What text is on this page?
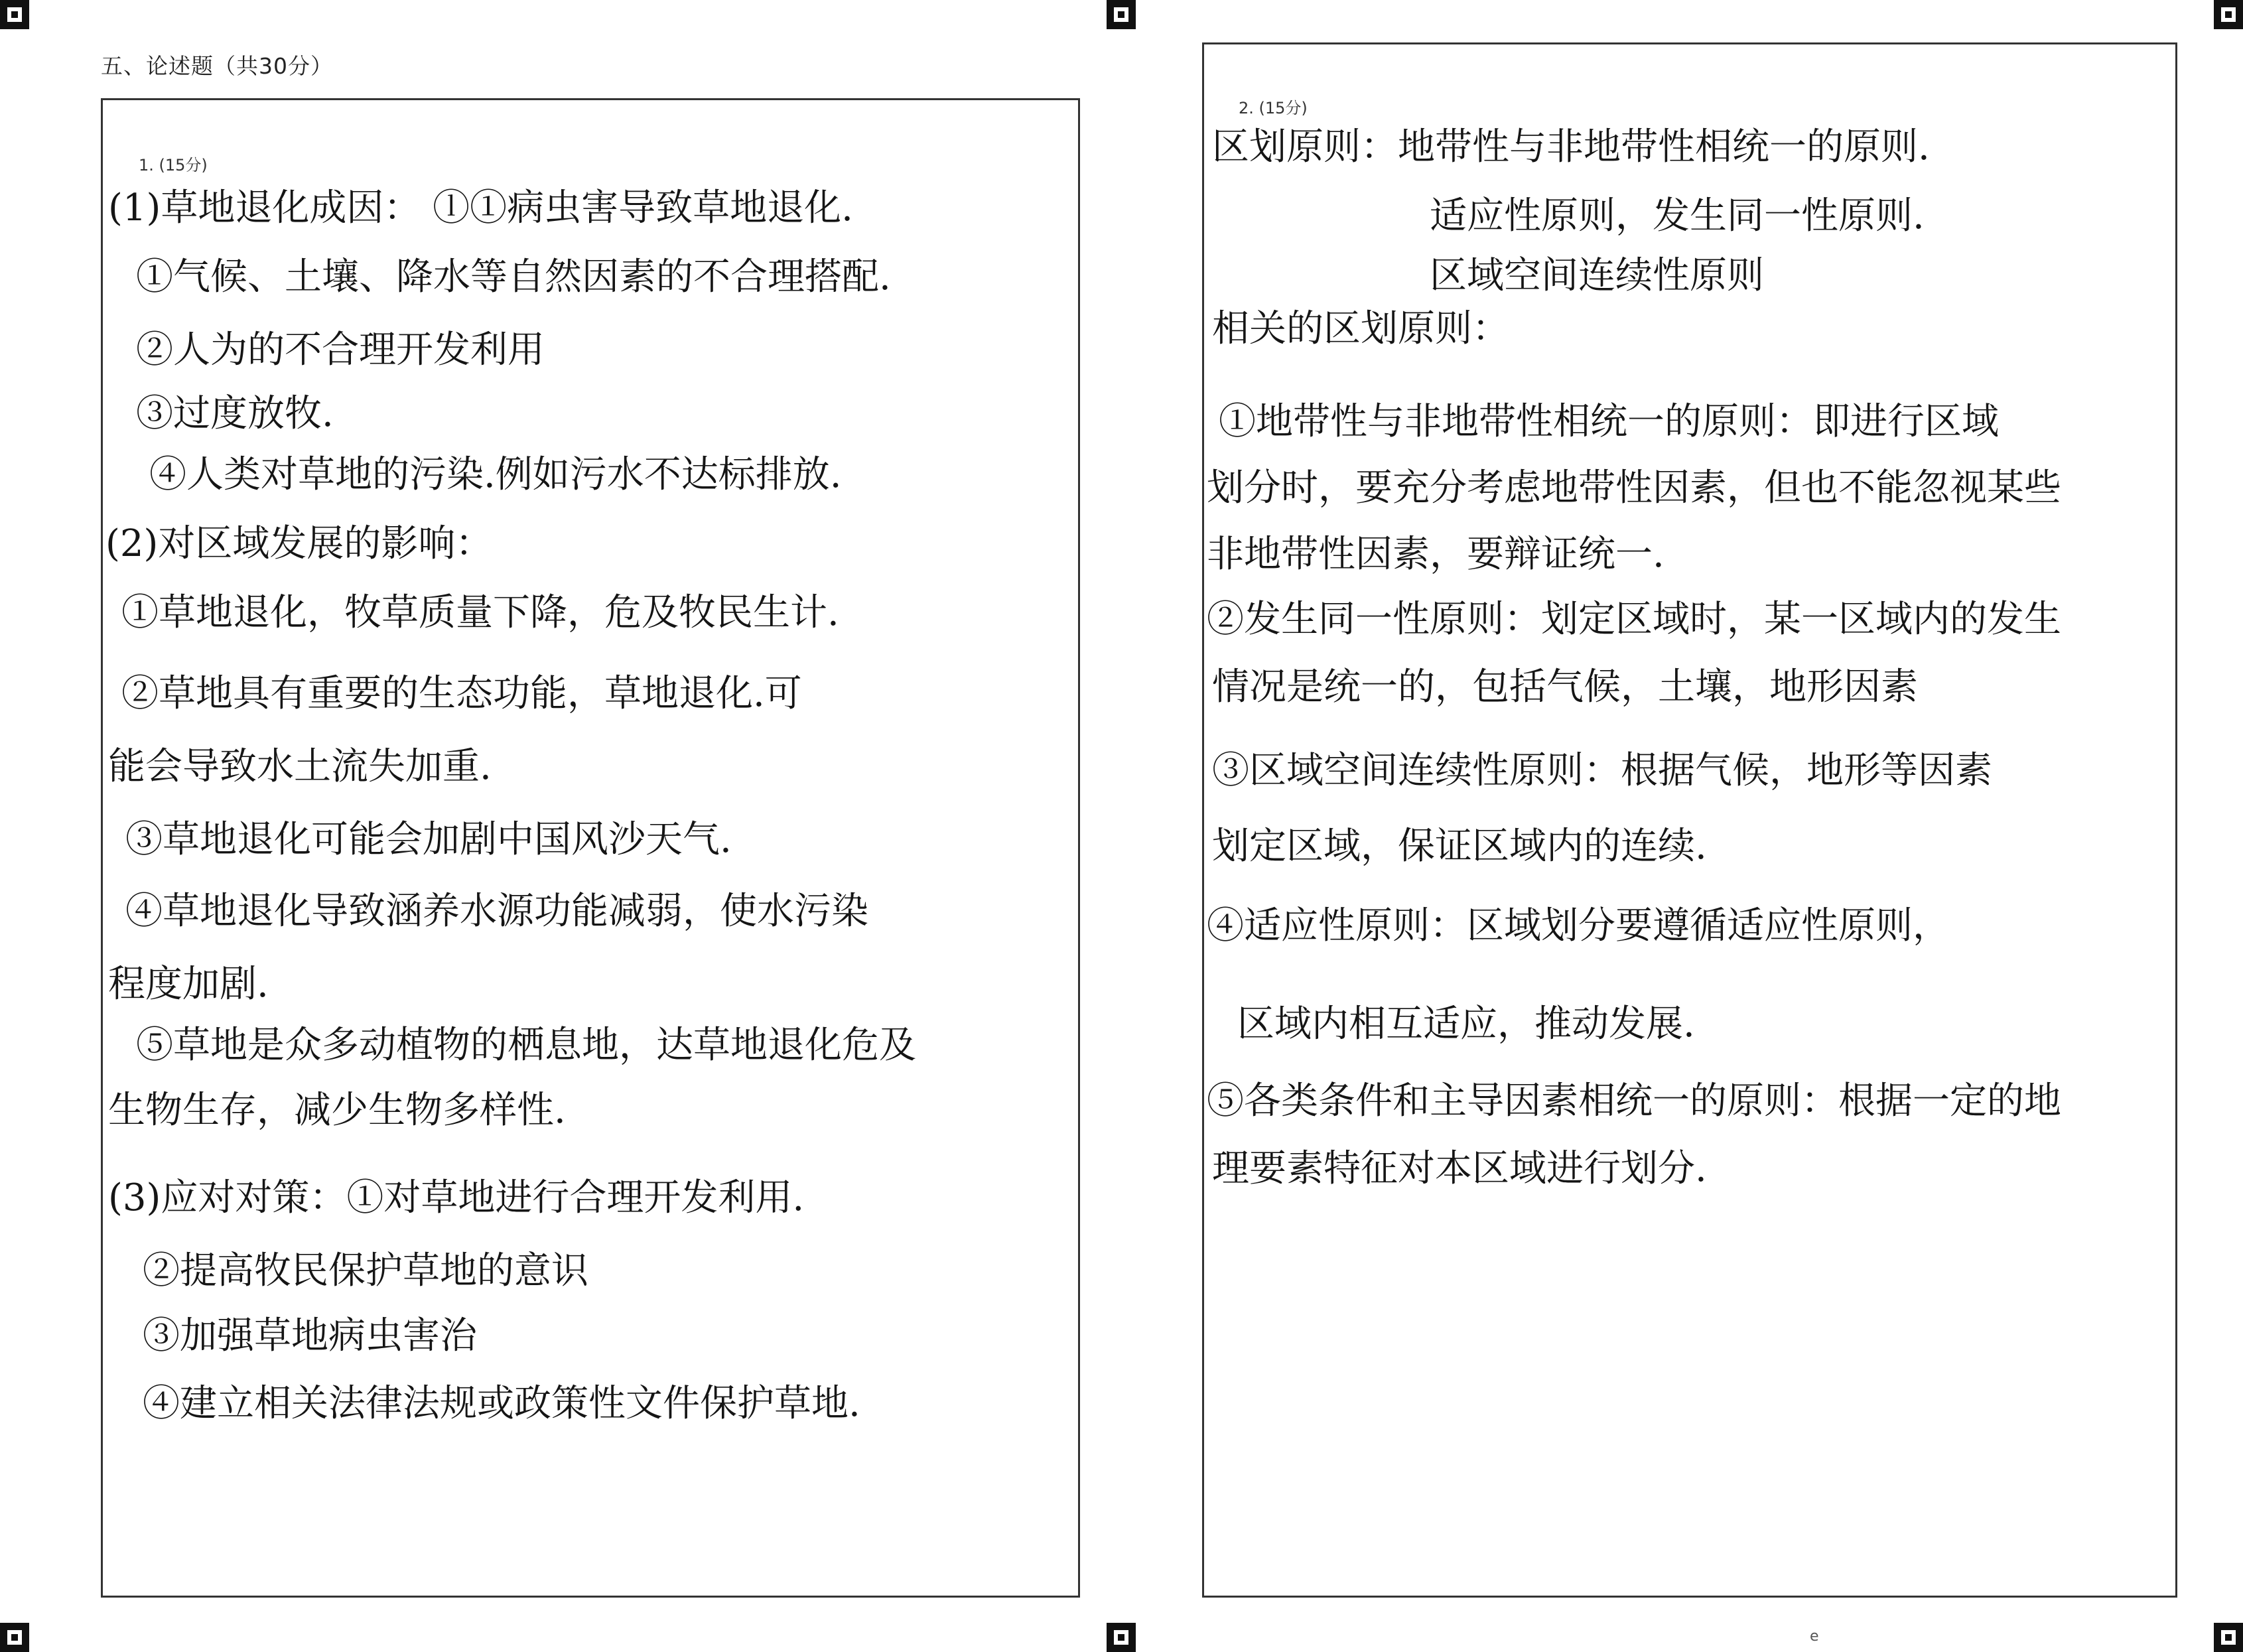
五、论述题（共30分）
1. (15分)
(1)草地退化成因： ⓛ①病虫害导致草地退化.
①气候、土壤、降水等自然因素的不合理搭配.
②人为的不合理开发利用
③过度放牧.
④人类对草地的污染.例如污水不达标排放.
(2)对区域发展的影响：
①草地退化，牧草质量下降，危及牧民生计.
②草地具有重要的生态功能，草地退化.可
能会导致水土流失加重.
③草地退化可能会加剧中国风沙天气.
④草地退化导致涵养水源功能减弱，使水污染
程度加剧.
⑤草地是众多动植物的栖息地，达草地退化危及
生物生存，减少生物多样性.
(3)应对对策：①对草地进行合理开发利用.
②提高牧民保护草地的意识
③加强草地病虫害治
④建立相关法律法规或政策性文件保护草地.
2. (15分)
区划原则：地带性与非地带性相统一的原则.
适应性原则，发生同一性原则.
区域空间连续性原则
相关的区划原则：
①地带性与非地带性相统一的原则：即进行区域
划分时，要充分考虑地带性因素，但也不能忽视某些
非地带性因素，要辩证统一.
②发生同一性原则：划定区域时，某一区域内的发生
情况是统一的，包括气候，土壤，地形因素
③区域空间连续性原则：根据气候，地形等因素
划定区域，保证区域内的连续.
④适应性原则：区域划分要遵循适应性原则，
区域内相互适应，推动发展.
⑤各类条件和主导因素相统一的原则：根据一定的地
理要素特征对本区域进行划分.
e
